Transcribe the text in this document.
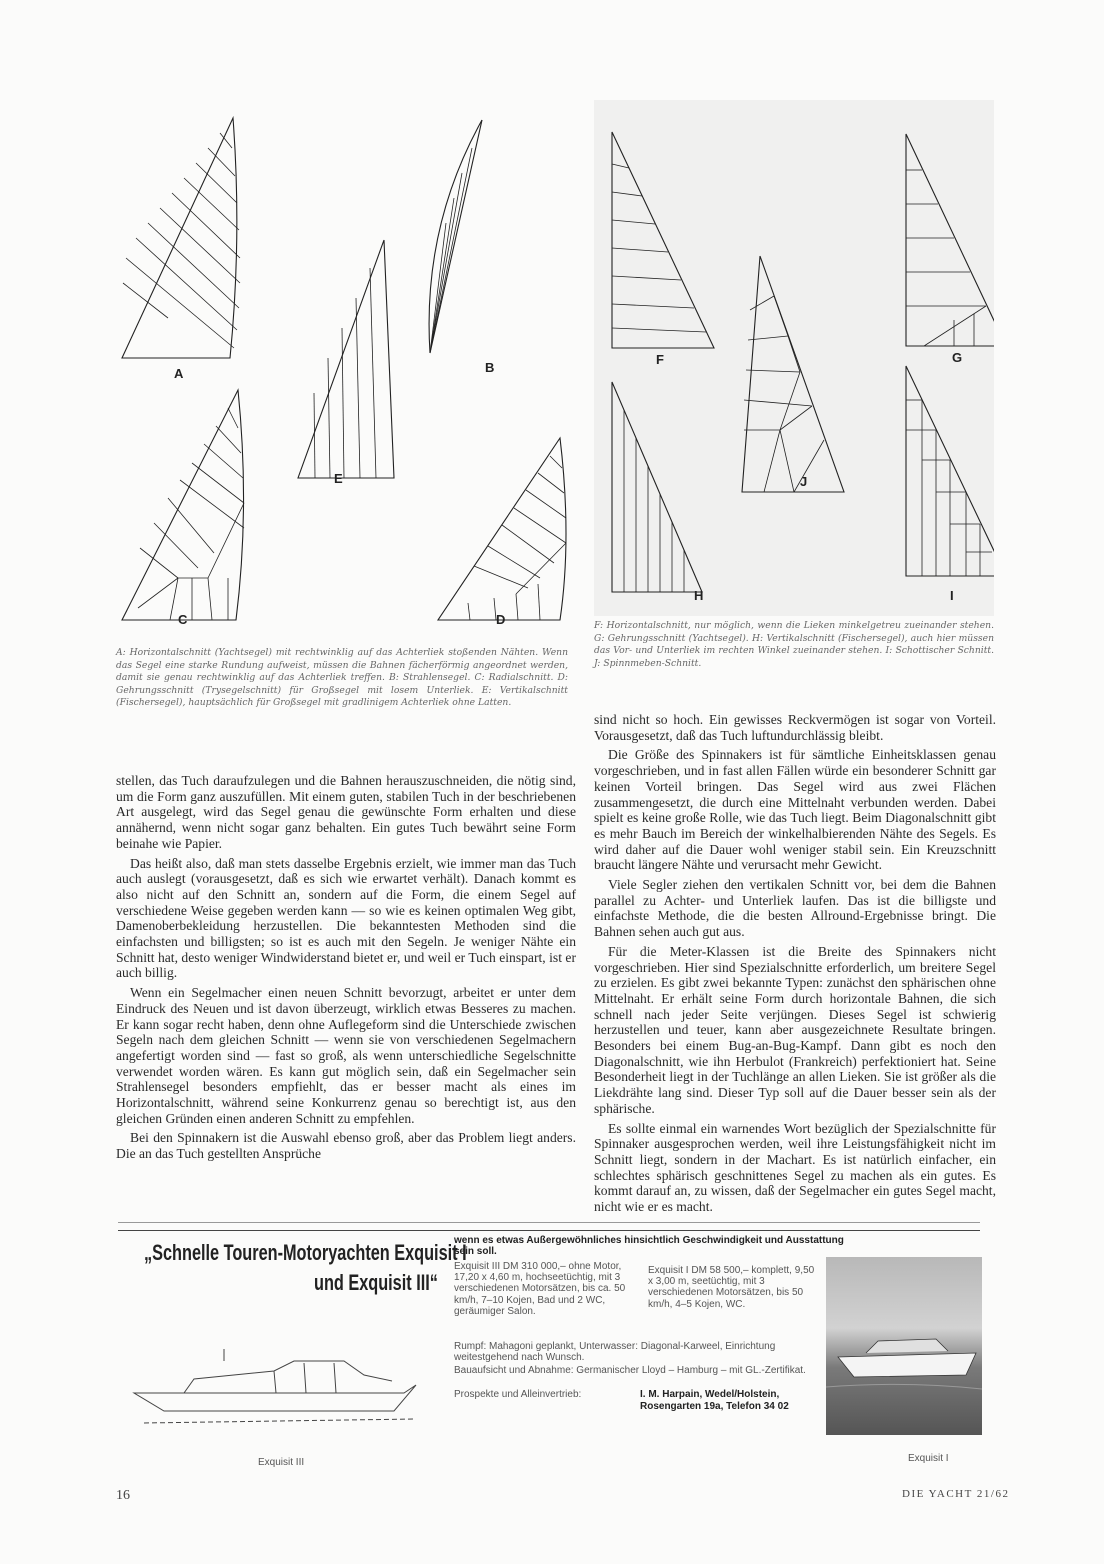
A	B
C	D
E
F	G
H	I
J
A: Horizontalschnitt (Yachtsegel) mit rechtwinklig auf das Achterliek stoßenden Nähten. Wenn das Segel eine starke Rundung aufweist, müssen die Bahnen fächerförmig angeordnet werden, damit sie genau rechtwinklig auf das Achterliek treffen. B: Strahlensegel. C: Radialschnitt. D: Gehrungsschnitt (Trysegelschnitt) für Großsegel mit losem Unterliek. E: Vertikalschnitt (Fischersegel), hauptsächlich für Großsegel mit gradlinigem Achterliek ohne Latten.
F: Horizontalschnitt, nur möglich, wenn die Lieken minkelgetreu zueinander stehen. G: Gehrungsschnitt (Yachtsegel). H: Vertikalschnitt (Fischersegel), auch hier müssen das Vor- und Unterliek im rechten Winkel zueinander stehen. I: Schottischer Schnitt. J: Spinnmeben-Schnitt.

stellen, das Tuch daraufzulegen und die Bahnen herauszuschneiden, die nötig sind, um die Form ganz auszufüllen. Mit einem guten, stabilen Tuch in der beschriebenen Art ausgelegt, wird das Segel genau die gewünschte Form erhalten und diese annähernd, wenn nicht sogar ganz behalten. Ein gutes Tuch bewährt seine Form beinahe wie Papier.

Das heißt also, daß man stets dasselbe Ergebnis erzielt, wie immer man das Tuch auch auslegt (vorausgesetzt, daß es sich wie erwartet verhält). Danach kommt es also nicht auf den Schnitt an, sondern auf die Form, die einem Segel auf verschiedene Weise gegeben werden kann — so wie es keinen optimalen Weg gibt, Damenoberbekleidung herzustellen. Die bekanntesten Methoden sind die einfachsten und billigsten; so ist es auch mit den Segeln. Je weniger Nähte ein Schnitt hat, desto weniger Windwiderstand bietet er, und weil er Tuch einspart, ist er auch billig.

Wenn ein Segelmacher einen neuen Schnitt bevorzugt, arbeitet er unter dem Eindruck des Neuen und ist davon überzeugt, wirklich etwas Besseres zu machen. Er kann sogar recht haben, denn ohne Auflegeform sind die Unterschiede zwischen Segeln nach dem gleichen Schnitt — wenn sie von verschiedenen Segelmachern angefertigt worden sind — fast so groß, als wenn unterschiedliche Segelschnitte verwendet worden wären. Es kann gut möglich sein, daß ein Segelmacher sein Strahlensegel besonders empfiehlt, das er besser macht als eines im Horizontalschnitt, während seine Konkurrenz genau so berechtigt ist, aus den gleichen Gründen einen anderen Schnitt zu empfehlen.

Bei den Spinnakern ist die Auswahl ebenso groß, aber das Problem liegt anders. Die an das Tuch gestellten Ansprüche

sind nicht so hoch. Ein gewisses Reckvermögen ist sogar von Vorteil. Vorausgesetzt, daß das Tuch luftundurchlässig bleibt.

Die Größe des Spinnakers ist für sämtliche Einheitsklassen genau vorgeschrieben, und in fast allen Fällen würde ein besonderer Schnitt gar keinen Vorteil bringen. Das Segel wird aus zwei Flächen zusammengesetzt, die durch eine Mittelnaht verbunden werden. Dabei spielt es keine große Rolle, wie das Tuch liegt. Beim Diagonalschnitt gibt es mehr Bauch im Bereich der winkelhalbierenden Nähte des Segels. Es wird daher auf die Dauer wohl weniger stabil sein. Ein Kreuzschnitt braucht längere Nähte und verursacht mehr Gewicht.

Viele Segler ziehen den vertikalen Schnitt vor, bei dem die Bahnen parallel zu Achter- und Unterliek laufen. Das ist die billigste und einfachste Methode, die die besten Allround-Ergebnisse bringt. Die Bahnen sehen auch gut aus.

Für die Meter-Klassen ist die Breite des Spinnakers nicht vorgeschrieben. Hier sind Spezialschnitte erforderlich, um breitere Segel zu erzielen. Es gibt zwei bekannte Typen: zunächst den sphärischen ohne Mittelnaht. Er erhält seine Form durch horizontale Bahnen, die sich schnell nach jeder Seite verjüngen. Dieses Segel ist schwierig herzustellen und teuer, kann aber ausgezeichnete Resultate bringen. Besonders bei einem Bug-an-Bug-Kampf. Dann gibt es noch den Diagonalschnitt, wie ihn Herbulot (Frankreich) perfektioniert hat. Seine Besonderheit liegt in der Tuchlänge an allen Lieken. Sie ist größer als die Liekdrähte lang sind. Dieser Typ soll auf die Dauer besser sein als der sphärische.

Es sollte einmal ein warnendes Wort bezüglich der Spezialschnitte für Spinnaker ausgesprochen werden, weil ihre Leistungsfähigkeit nicht im Schnitt liegt, sondern in der Machart. Es ist natürlich einfacher, ein schlechtes sphärisch geschnittenes Segel zu machen als ein gutes. Es kommt darauf an, zu wissen, daß der Segelmacher ein gutes Segel macht, nicht wie er es macht.

„Schnelle Touren-Motoryachten Exquisit I
und Exquisit III“
Exquisit III
wenn es etwas Außergewöhnliches hinsichtlich Geschwindigkeit und Ausstattung sein soll.
Exquisit III DM 310 000,– ohne Motor, 17,20 x 4,60 m, hochseetüchtig, mit 3 verschiedenen Motorsätzen, bis ca. 50 km/h, 7–10 Kojen, Bad und 2 WC, geräumiger Salon.
Exquisit I DM 58 500,– komplett, 9,50 x 3,00 m, seetüchtig, mit 3 verschiedenen Motorsätzen, bis 50 km/h, 4–5 Kojen, WC.
Rumpf: Mahagoni geplankt, Unterwasser: Diagonal-Karweel, Einrichtung weitestgehend nach Wunsch.
Bauaufsicht und Abnahme: Germanischer Lloyd – Hamburg – mit GL.-Zertifikat.
Prospekte und Alleinvertrieb:	I. M. Harpain, Wedel/Holstein,
Rosengarten 19a, Telefon 34 02
Exquisit I
16	DIE YACHT 21/62
